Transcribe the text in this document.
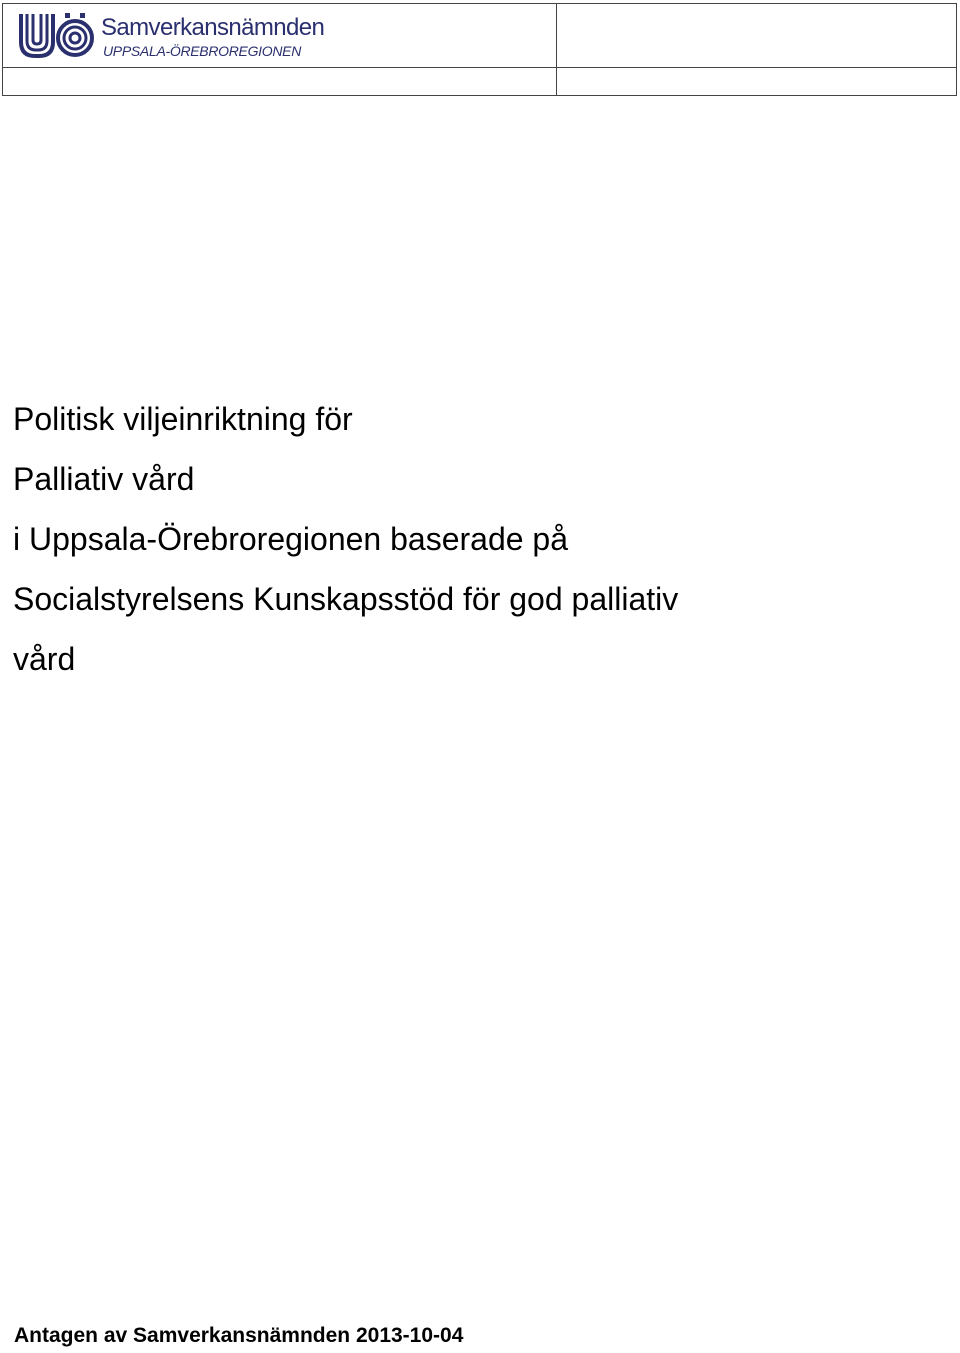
Samverkansnämnden
UPPSALA-ÖREBROREGIONEN

Politisk viljeinriktning för

Palliativ vård

i Uppsala-Örebroregionen baserade på

Socialstyrelsens Kunskapsstöd för god palliativ

vård

Antagen av Samverkansnämnden 2013-10-04
